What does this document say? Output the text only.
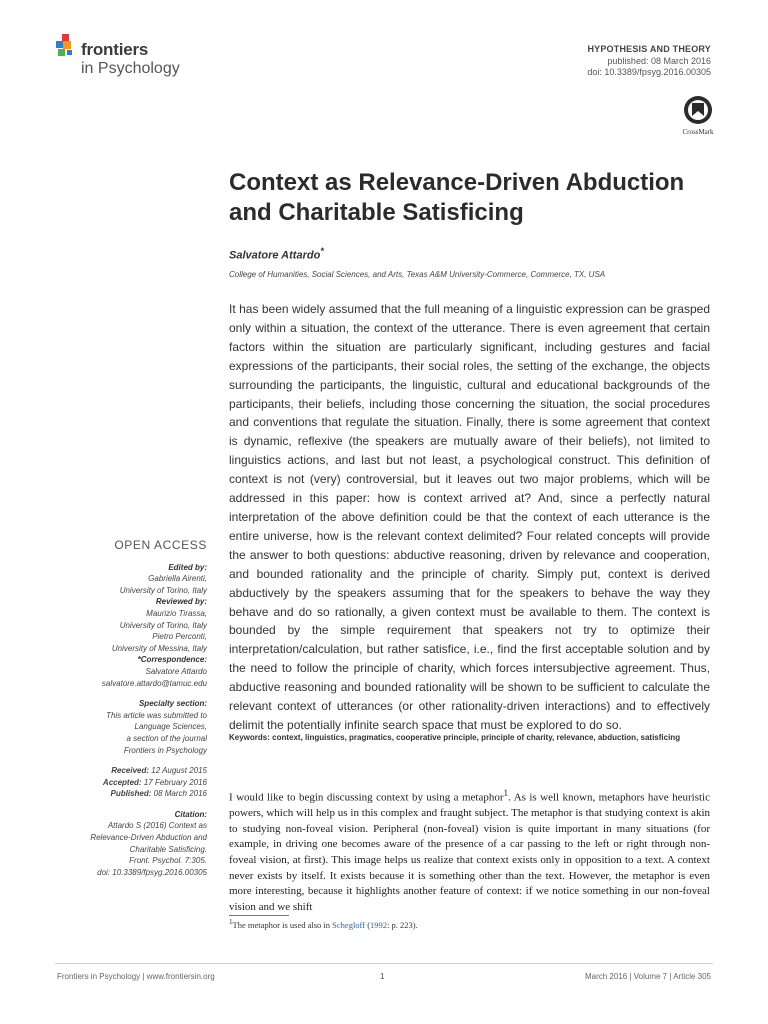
frontiers
in Psychology
HYPOTHESIS AND THEORY
published: 08 March 2016
doi: 10.3389/fpsyg.2016.00305
CrossMark
Context as Relevance-Driven Abduction and Charitable Satisficing
Salvatore Attardo*
College of Humanities, Social Sciences, and Arts, Texas A&M University-Commerce, Commerce, TX, USA

It has been widely assumed that the full meaning of a linguistic expression can be grasped only within a situation, the context of the utterance. There is even agreement that certain factors within the situation are particularly significant, including gestures and facial expressions of the participants, their social roles, the setting of the exchange, the objects surrounding the participants, the linguistic, cultural and educational backgrounds of the participants, their beliefs, including those concerning the situation, the social procedures and conventions that regulate the situation. Finally, there is some agreement that context is dynamic, reflexive (the speakers are mutually aware of their beliefs), not limited to linguistics actions, and last but not least, a psychological construct. This definition of context is not (very) controversial, but it leaves out two major problems, which will be addressed in this paper: how is context arrived at? And, since a perfectly natural interpretation of the above definition could be that the context of each utterance is the entire universe, how is the relevant context delimited? Four related concepts will provide the answer to both questions: abductive reasoning, driven by relevance and cooperation, and bounded rationality and the principle of charity. Simply put, context is derived abductively by the speakers assuming that for the speakers to behave the way they behave and do so rationally, a given context must be available to them. The context is bounded by the simple requirement that speakers not try to optimize their interpretation/calculation, but rather satisfice, i.e., find the first acceptable solution and by the need to follow the principle of charity, which forces intersubjective agreement. Thus, abductive reasoning and bounded rationality will be shown to be sufficient to calculate the relevant context of utterances (or other rationality-driven interactions) and to effectively delimit the potentially infinite search space that must be explored to do so.

Keywords: context, linguistics, pragmatics, cooperative principle, principle of charity, relevance, abduction, satisficing
OPEN ACCESS
Edited by:
Gabriella Airenti,
University of Torino, Italy
Reviewed by:
Maurizio Tirassa,
University of Torino, Italy
Pietro Perconti,
University of Messina, Italy
*Correspondence:
Salvatore Attardo
salvatore.attardo@tamuc.edu
Specialty section:
This article was submitted to
Language Sciences,
a section of the journal
Frontiers in Psychology
Received: 12 August 2015
Accepted: 17 February 2016
Published: 08 March 2016
Citation:
Attardo S (2016) Context as
Relevance-Driven Abduction and
Charitable Satisficing.
Front. Psychol. 7:305.
doi: 10.3389/fpsyg.2016.00305

I would like to begin discussing context by using a metaphor$^1$. As is well known, metaphors have heuristic powers, which will help us in this complex and fraught subject. The metaphor is that studying context is akin to studying non-foveal vision. Peripheral (non-foveal) vision is quite important in many situations (for example, in driving one becomes aware of the presence of a car passing to the left or right through non-foveal vision, at first). This image helps us realize that context exists only in opposition to a text. A context never exists by itself. It exists because it is something other than the text. However, the metaphor is even more interesting, because it highlights another feature of context: if we notice something in our non-foveal vision and we shift

$^1$The metaphor is used also in Schegloff (1992: p. 223).
Frontiers in Psychology | www.frontiersin.org	1	March 2016 | Volume 7 | Article 305
